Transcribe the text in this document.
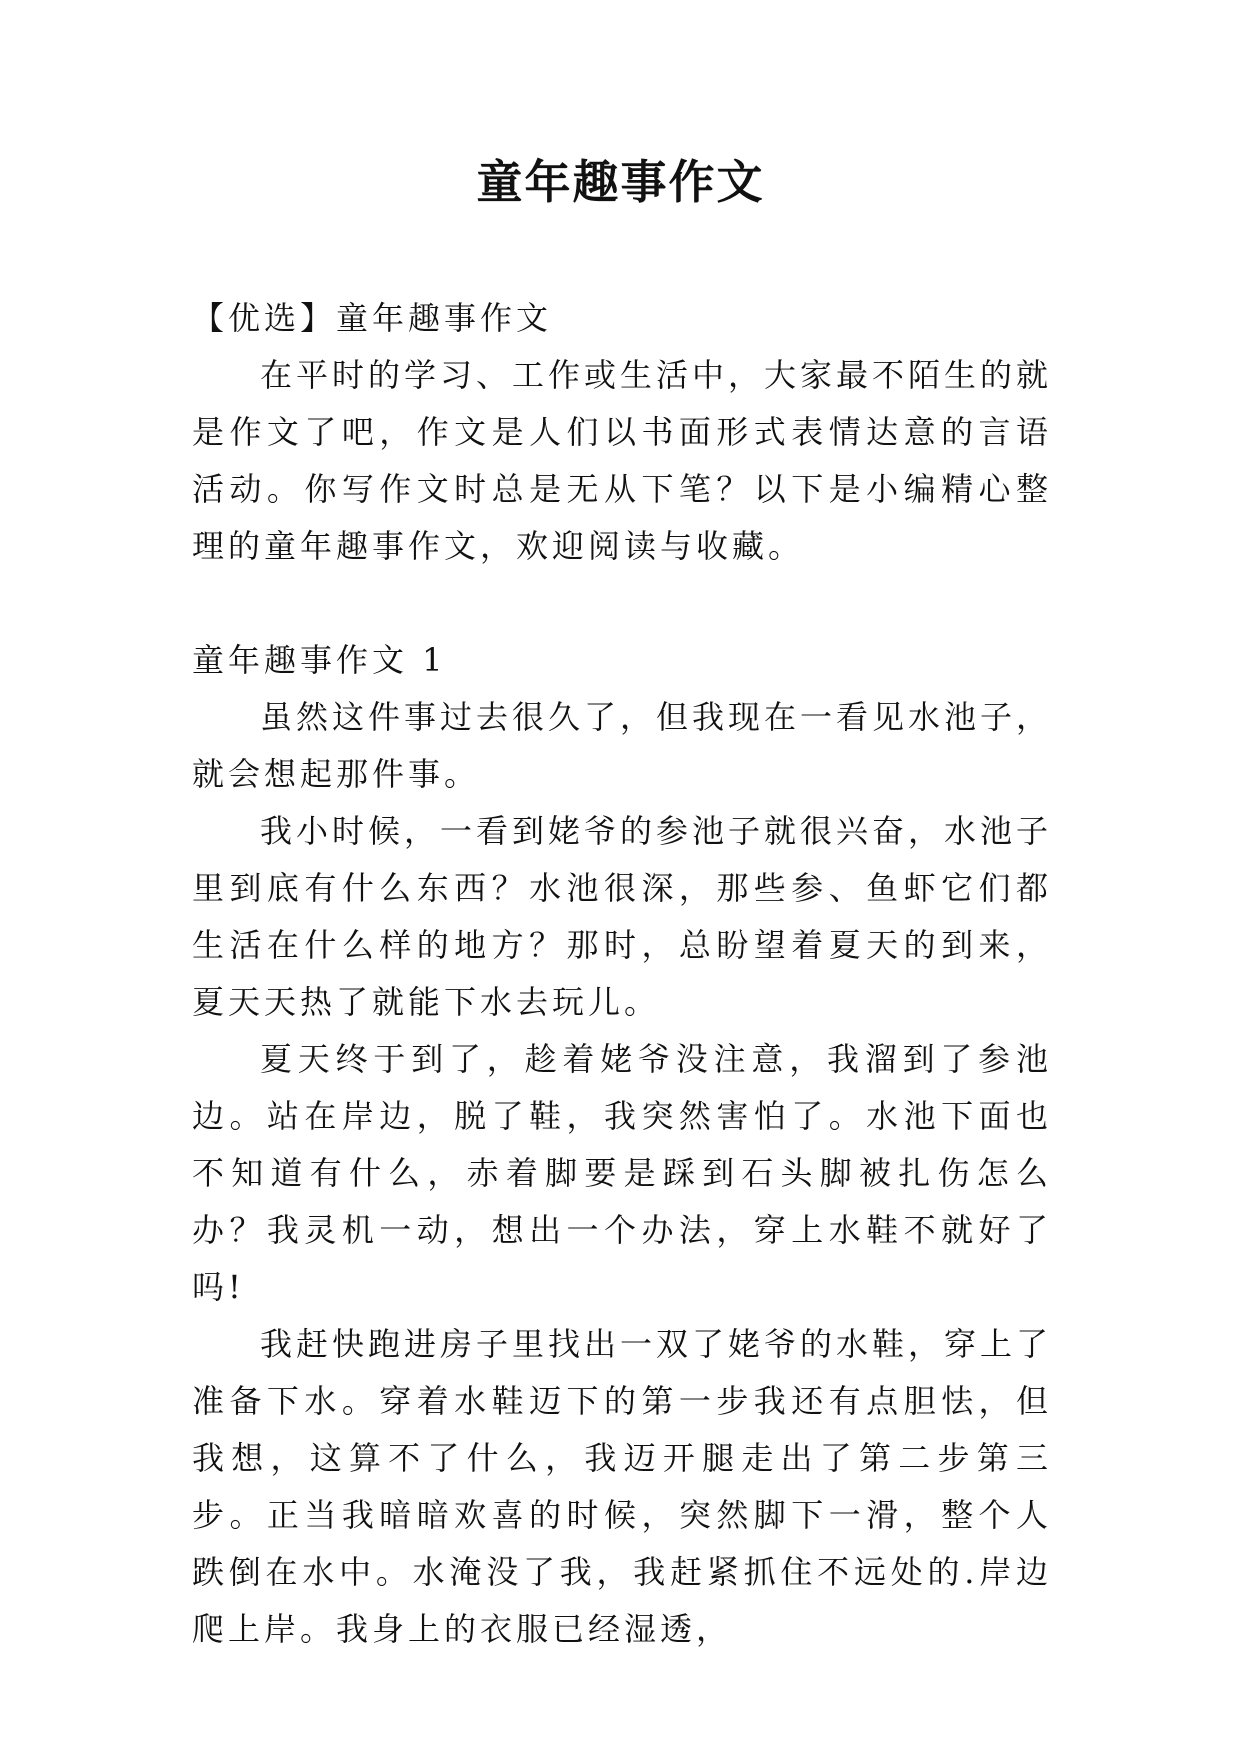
童年趣事作文

【优选】童年趣事作文

在平时的学习、工作或生活中，大家最不陌生的就是作文了吧，作文是人们以书面形式表情达意的言语活动。你写作文时总是无从下笔？以下是小编精心整理的童年趣事作文，欢迎阅读与收藏。

童年趣事作文 1

虽然这件事过去很久了，但我现在一看见水池子，就会想起那件事。

我小时候，一看到姥爷的参池子就很兴奋，水池子里到底有什么东西？水池很深，那些参、鱼虾它们都生活在什么样的地方？那时，总盼望着夏天的到来，夏天天热了就能下水去玩儿。

夏天终于到了，趁着姥爷没注意，我溜到了参池边。站在岸边，脱了鞋，我突然害怕了。水池下面也不知道有什么，赤着脚要是踩到石头脚被扎伤怎么办？我灵机一动，想出一个办法，穿上水鞋不就好了吗!

我赶快跑进房子里找出一双了姥爷的水鞋，穿上了准备下水。穿着水鞋迈下的第一步我还有点胆怯，但我想，这算不了什么，我迈开腿走出了第二步第三步。正当我暗暗欢喜的时候，突然脚下一滑，整个人跌倒在水中。水淹没了我，我赶紧抓住不远处的.岸边爬上岸。我身上的衣服已经湿透，
